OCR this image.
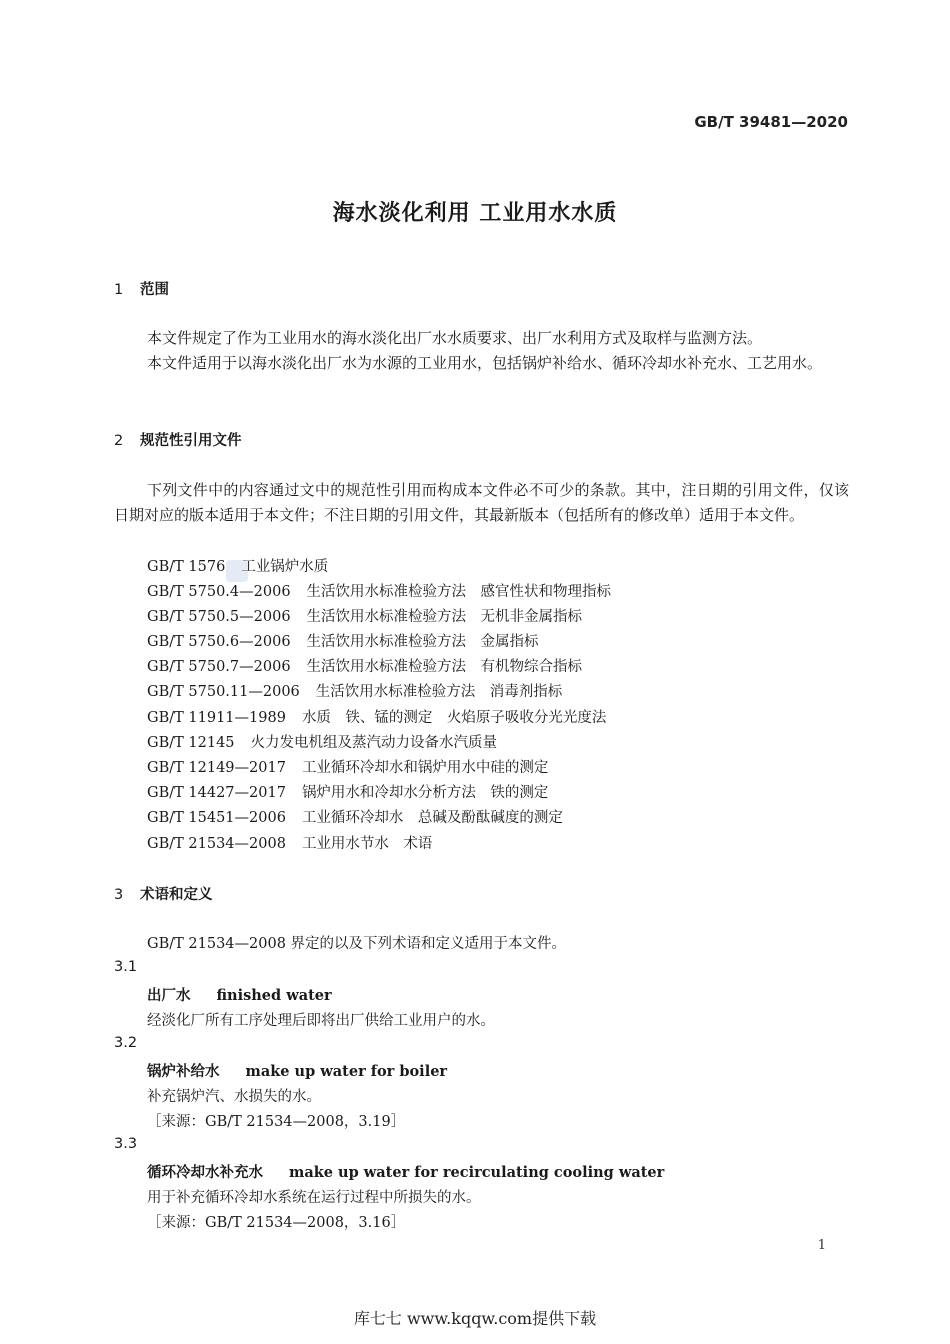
GB/T 39481—2020
海水淡化利用 工业用水水质
1 范围
本文件规定了作为工业用水的海水淡化出厂水水质要求、出厂水利用方式及取样与监测方法。
本文件适用于以海水淡化出厂水为水源的工业用水，包括锅炉补给水、循环冷却水补充水、工艺用水。
2 规范性引用文件
下列文件中的内容通过文中的规范性引用而构成本文件必不可少的条款。其中，注日期的引用文件，仅该日期对应的版本适用于本文件；不注日期的引用文件，其最新版本（包括所有的修改单）适用于本文件。
GB/T 1576 工业锅炉水质
GB/T 5750.4—2006 生活饮用水标准检验方法　感官性状和物理指标
GB/T 5750.5—2006 生活饮用水标准检验方法　无机非金属指标
GB/T 5750.6—2006 生活饮用水标准检验方法　金属指标
GB/T 5750.7—2006 生活饮用水标准检验方法　有机物综合指标
GB/T 5750.11—2006 生活饮用水标准检验方法　消毒剂指标
GB/T 11911—1989 水质　铁、锰的测定　火焰原子吸收分光光度法
GB/T 12145 火力发电机组及蒸汽动力设备水汽质量
GB/T 12149—2017 工业循环冷却水和锅炉用水中硅的测定
GB/T 14427—2017 锅炉用水和冷却水分析方法　铁的测定
GB/T 15451—2006 工业循环冷却水　总碱及酚酞碱度的测定
GB/T 21534—2008 工业用水节水　术语
3 术语和定义
GB/T 21534—2008 界定的以及下列术语和定义适用于本文件。
3.1
出厂水 finished water
经淡化厂所有工序处理后即将出厂供给工业用户的水。
3.2
锅炉补给水 make up water for boiler
补充锅炉汽、水损失的水。
［来源：GB/T 21534—2008，3.19］
3.3
循环冷却水补充水 make up water for recirculating cooling water
用于补充循环冷却水系统在运行过程中所损失的水。
［来源：GB/T 21534—2008，3.16］
1
库七七 www.kqqw.com提供下载
